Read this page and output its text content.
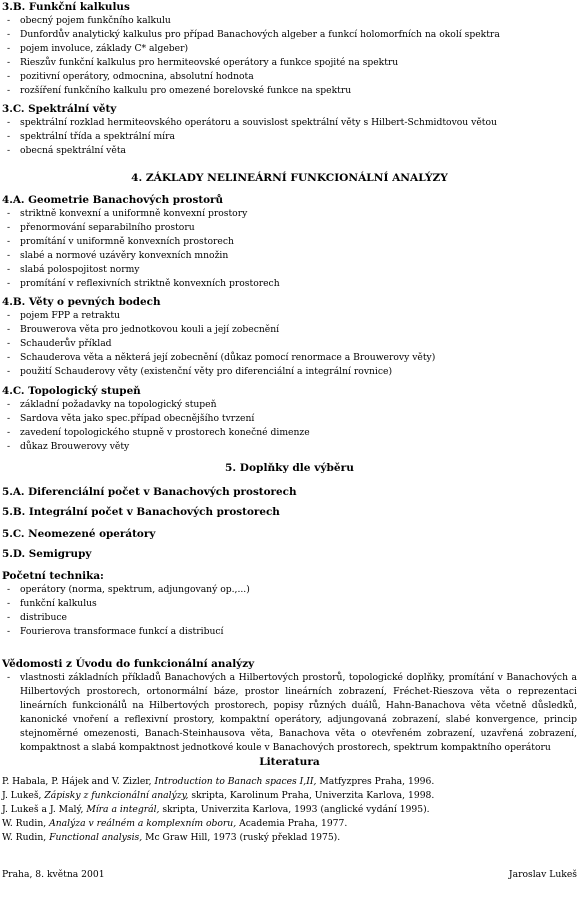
3.B. Funkční kalkulus
- obecný pojem funkčního kalkulu
- Dunfordův analytický kalkulus pro případ Banachových algeber a funkcí holomorfních na okolí spektra
- pojem involuce, základy C* algeber)
- Rieszův funkční kalkulus pro hermiteovské operátory a funkce spojité na spektru
- pozitivní operátory, odmocnina, absolutní hodnota
- rozšíření funkčního kalkulu pro omezené borelovské funkce na spektru
3.C. Spektrální věty
- spektrální rozklad hermiteovského operátoru a souvislost spektrální věty s Hilbert-Schmidtovou větou
- spektrální třída a spektrální míra
- obecná spektrální věta
4. ZÁKLADY NELINEÁRNÍ FUNKCIONÁLNÍ ANALÝZY
4.A. Geometrie Banachových prostorů
- striktně konvexní a uniformně konvexní prostory
- přenormování separabilního prostoru
- promítání v uniformně konvexních prostorech
- slabé a normové uzávěry konvexních množin
- slabá polospojitost normy
- promítání v reflexivních striktně konvexních prostorech
4.B. Věty o pevných bodech
- pojem FPP a retraktu
- Brouwerova věta pro jednotkovou kouli a její zobecnění
- Schauderův příklad
- Schauderova věta a některá její zobecnění (důkaz pomocí renormace a Brouwerovy věty)
- použití Schauderovy věty (existenční věty pro diferenciální a integrální rovnice)
4.C. Topologický stupeň
- základní požadavky na topologický stupeň
- Sardova věta jako spec.případ obecnějšího tvrzení
- zavedení topologického stupně v prostorech konečné dimenze
- důkaz Brouwerovy věty
5. Doplňky dle výběru
5.A. Diferenciální počet v Banachových prostorech
5.B. Integrální počet v Banachových prostorech
5.C. Neomezené operátory
5.D. Semigrupy
Početní technika:
- operátory (norma, spektrum, adjungovaný op.,...)
- funkční kalkulus
- distribuce
- Fourierova transformace funkcí a distribucí
Vědomosti z Úvodu do funkcionální analýzy
- vlastnosti základních příkladů Banachových a Hilbertových prostorů, topologické doplňky, promítání v Banachových a Hilbertových prostorech, ortonormální báze, prostor lineárních zobrazení, Fréchet-Rieszova věta o reprezentaci lineárních funkcionálů na Hilbertových prostorech, popisy různých duálů, Hahn-Banachova věta včetně důsledků, kanonické vnoření a reflexivní prostory, kompaktní operátory, adjungovaná zobrazení, slabé konvergence, princip stejnoměrné omezenosti, Banach-Steinhausova věta, Banachova věta o otevřeném zobrazení, uzavřená zobrazení, kompaktnost a slabá kompaktnost jednotkové koule v Banachových prostorech, spektrum kompaktního operátoru
Literatura

P. Habala, P. Hájek and V. Zizler, Introduction to Banach spaces I,II, Matfyzpres Praha, 1996.

J. Lukeš, Zápisky z funkcionální analýzy, skripta, Karolinum Praha, Univerzita Karlova, 1998.

J. Lukeš a J. Malý, Míra a integrál, skripta, Univerzita Karlova, 1993 (anglické vydání 1995).

W. Rudin, Analýza v reálném a komplexním oboru, Academia Praha, 1977.

W. Rudin, Functional analysis, Mc Graw Hill, 1973 (ruský překlad 1975).

Praha, 8. května 2001	Jaroslav Lukeš
